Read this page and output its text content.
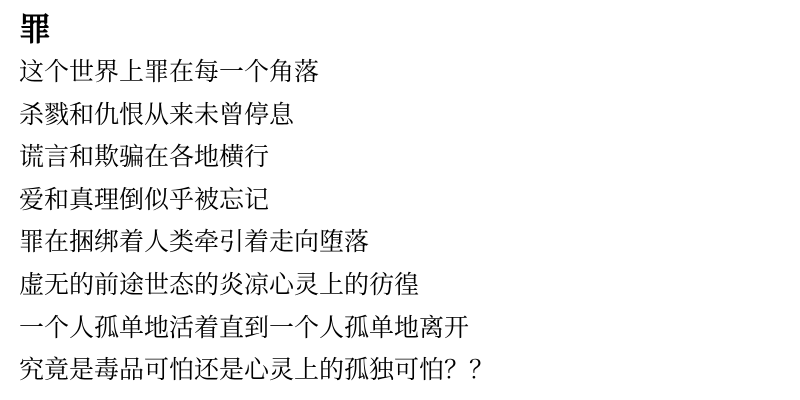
罪
这个世界上罪在每一个角落
杀戮和仇恨从来未曾停息
谎言和欺骗在各地横行
爱和真理倒似乎被忘记
罪在捆绑着人类牵引着走向堕落
虚无的前途世态的炎凉心灵上的彷徨
一个人孤单地活着直到一个人孤单地离开
究竟是毒品可怕还是心灵上的孤独可怕？？
